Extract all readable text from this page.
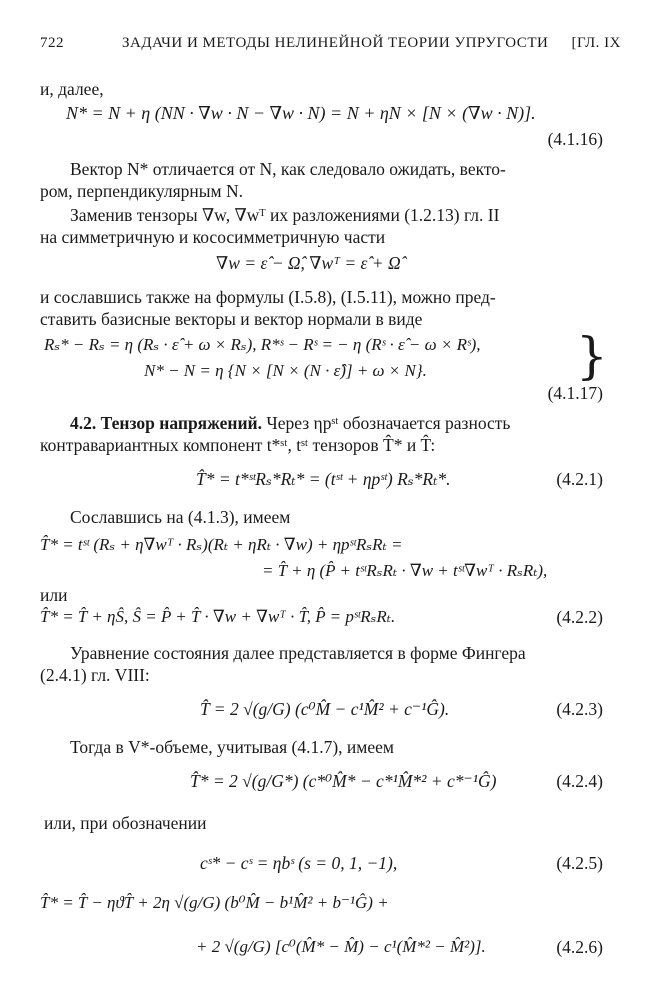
722	ЗАДАЧИ И МЕТОДЫ НЕЛИНЕЙНОЙ ТЕОРИИ УПРУГОСТИ [ГЛ. IX
и, далее,
N* = N + η (NN · ∇w · N − ∇w · N) = N + ηN × [N × (∇w · N)].
(4.1.16)
Вектор N* отличается от N, как следовало ожидать, векто-
ром, перпендикулярным N.
Заменив тензоры ∇w, ∇wᵀ их разложениями (1.2.13) гл. II
на симметричную и кососимметричную части
∇w = ε̂ − Ω̂, ∇wᵀ = ε̂ + Ω̂
и сославшись также на формулы (I.5.8), (I.5.11), можно пред-
ставить базисные векторы и вектор нормали в виде
Rₛ* − Rₛ = η (Rₛ · ε̂ + ω × Rₛ), R*ˢ − Rˢ = − η (Rˢ · ε̂ − ω × Rˢ),
N* − N = η {N × [N × (N · ε̂)] + ω × N}.	}
(4.1.17)
4.2. Тензор напряжений. Через ηpˢᵗ обозначается разность
контравариантных компонент t*ˢᵗ, tˢᵗ тензоров T̂* и T̂:
T̂* = t*ˢᵗRₛ*Rₜ* = (tˢᵗ + ηpˢᵗ) Rₛ*Rₜ*.	(4.2.1)
Сославшись на (4.1.3), имеем
T̂* = tˢᵗ (Rₛ + η∇wᵀ · Rₛ)(Rₜ + ηRₜ · ∇w) + ηpˢᵗRₛRₜ =
= T̂ + η (P̂ + tˢᵗRₛRₜ · ∇w + tˢᵗ∇wᵀ · RₛRₜ),
или
T̂* = T̂ + ηŜ, Ŝ = P̂ + T̂ · ∇w + ∇wᵀ · T̂, P̂ = pˢᵗRₛRₜ.	(4.2.2)
Уравнение состояния далее представляется в форме Фингера
(2.4.1) гл. VIII:
T̂ = 2 √(g/G) (c⁰M̂ − c¹M̂² + c⁻¹Ĝ).	(4.2.3)
Тогда в V*-объеме, учитывая (4.1.7), имеем
T̂* = 2 √(g/G*) (c*⁰M̂* − c*¹M̂*² + c*⁻¹Ĝ)	(4.2.4)
или, при обозначении
cˢ* − cˢ = ηbˢ (s = 0, 1, −1),	(4.2.5)
T̂* = T̂ − ηϑT̂ + 2η √(g/G) (b⁰M̂ − b¹M̂² + b⁻¹Ĝ) +
+ 2 √(g/G) [c⁰(M̂* − M̂) − c¹(M̂*² − M̂²)].	(4.2.6)
